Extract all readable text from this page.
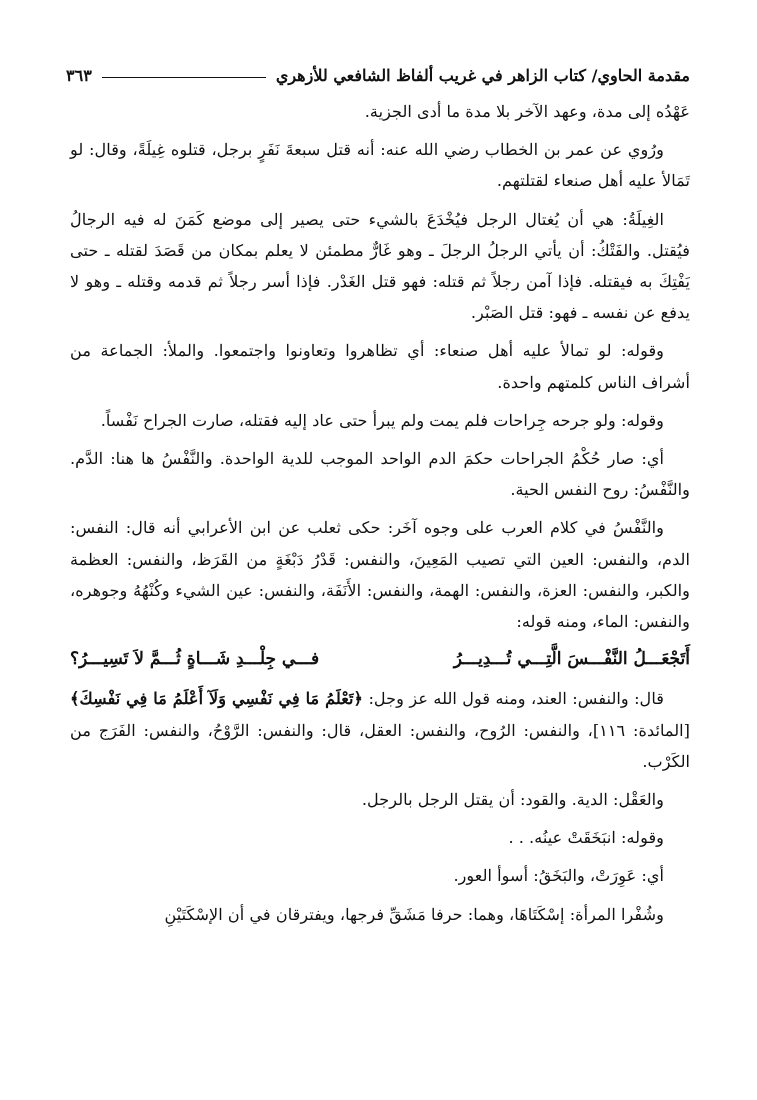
مقدمة الحاوي/ كتاب الزاهر في غريب ألفاظ الشافعي للأزهري
٣٦٣

عَهْدُه إلى مدة، وعهد الآخر بلا مدة ما أدى الجزية.

ورُوي عن عمر بن الخطاب رضي الله عنه: أنه قتل سبعةَ نَفَرٍ برجل، قتلوه غِيلَةً، وقال: لو تَمَالأ عليه أهل صنعاء لقتلتهم.

الغِيلَةُ: هي أن يُغتال الرجل فيُخْدَعَ بالشيء حتى يصير إلى موضع كَمَنَ له فيه الرجالُ فيُقتل. والفَتْكُ: أن يأتي الرجلُ الرجلَ ـ وهو غَارٌّ مطمئن لا يعلم بمكان من قَصَدَ لقتله ـ حتى يَفْتِكَ به فيقتله. فإذا آمن رجلاً ثم قتله: فهو قتل الغَدْر. فإذا أسر رجلاً ثم قدمه وقتله ـ وهو لا يدفع عن نفسه ـ فهو: قتل الصَبْر.

وقوله: لو تمالأ عليه أهل صنعاء: أي تظاهروا وتعاونوا واجتمعوا. والملأ: الجماعة من أشراف الناس كلمتهم واحدة.

وقوله: ولو جرحه جِراحات فلم يمت ولم يبرأ حتى عاد إليه فقتله، صارت الجراح نَفْساً.

أي: صار حُكْمُ الجراحات حكمَ الدم الواحد الموجب للدية الواحدة. والنَّفْسُ ها هنا: الدَّم. والنَّفْسُ: روح النفس الحية.

والنَّفْسُ في كلام العرب على وجوه آخَر: حكى ثعلب عن ابن الأعرابي أنه قال: النفس: الدم، والنفس: العين التي تصيب المَعِينَ، والنفس: قَدْرُ دَبْغَةٍ من القَرَظ، والنفس: العظمة والكبر، والنفس: العزة، والنفس: الهمة، والنفس: الأَنَفَة، والنفس: عين الشيء وكُنْهُهُ وجوهره، والنفس: الماء، ومنه قوله:

أَتَجْعَـــلُ النَّفْـــسَ الَّتِـــي تُـــدِيـــرُ
فـــي جِلْـــدِ شَـــاةٍ ثُـــمَّ لاَ تَسِيـــرُ؟

قال: والنفس: العند، ومنه قول الله عز وجل: ﴿تَعْلَمُ مَا فِي نَفْسِي وَلَآ أَعْلَمُ مَا فِي نَفْسِكَ﴾ [المائدة: ١١٦]، والنفس: الرُوح، والنفس: العقل، قال: والنفس: الرَّوْحُ، والنفس: الفَرَج من الكَرْب.

والعَقْل: الدية. والقود: أن يقتل الرجل بالرجل.

وقوله: انبَخَقَتْ عينُه. . .

أي: عَوِرَتْ، والبَخَقُ: أسوأ العور.

وشُفْرا المرأة: إسْكَتَاهَا، وهما: حرفا مَشَقِّ فرجها، ويفترقان في أن الإسْكَتَيْنِ
